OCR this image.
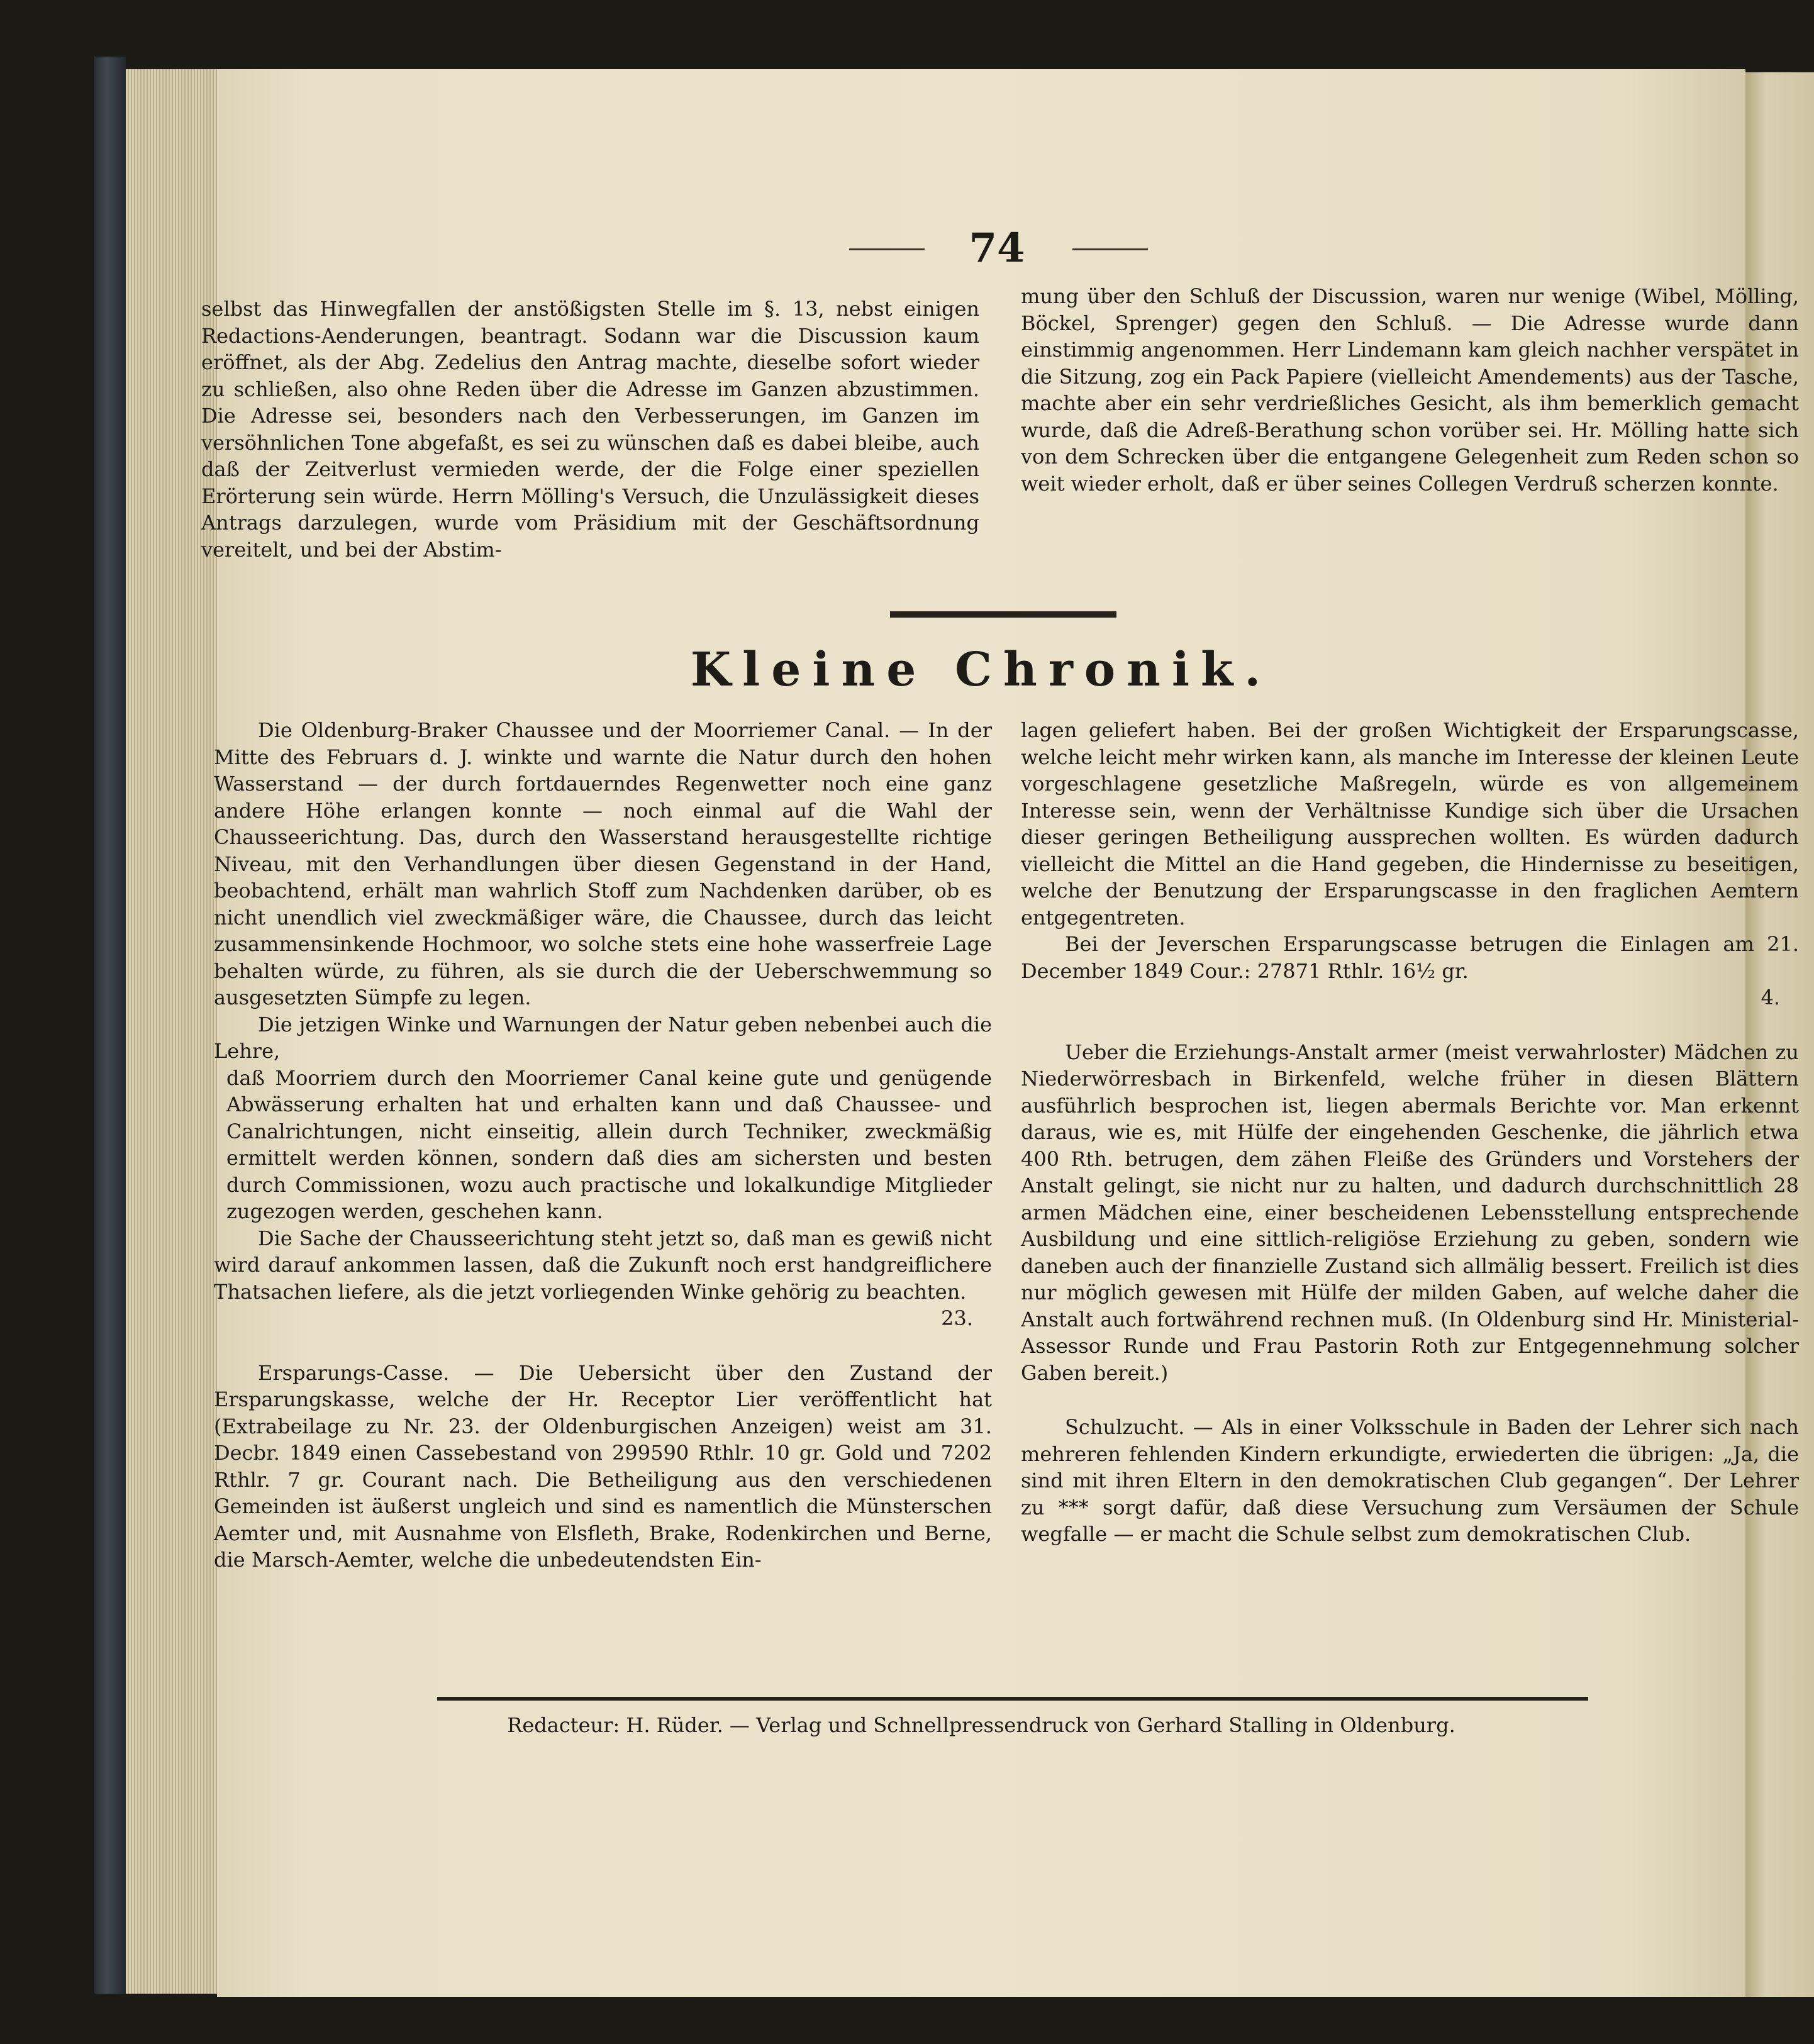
74

selbst das Hinwegfallen der anstößigsten Stelle im §. 13, nebst einigen Redactions-Aenderungen, beantragt. Sodann war die Discussion kaum eröffnet, als der Abg. Zedelius den Antrag machte, dieselbe sofort wieder zu schließen, also ohne Reden über die Adresse im Ganzen abzustimmen. Die Adresse sei, besonders nach den Verbesserungen, im Ganzen im versöhnlichen Tone abgefaßt, es sei zu wünschen daß es dabei bleibe, auch daß der Zeitverlust vermieden werde, der die Folge einer speziellen Erörterung sein würde. Herrn Mölling's Versuch, die Unzulässigkeit dieses Antrags darzulegen, wurde vom Präsidium mit der Geschäftsordnung vereitelt, und bei der Abstim-

mung über den Schluß der Discussion, waren nur wenige (Wibel, Mölling, Böckel, Sprenger) gegen den Schluß. — Die Adresse wurde dann einstimmig angenommen. Herr Lindemann kam gleich nachher verspätet in die Sitzung, zog ein Pack Papiere (vielleicht Amendements) aus der Tasche, machte aber ein sehr verdrießliches Gesicht, als ihm bemerklich gemacht wurde, daß die Adreß-Berathung schon vorüber sei. Hr. Mölling hatte sich von dem Schrecken über die entgangene Gelegenheit zum Reden schon so weit wieder erholt, daß er über seines Collegen Verdruß scherzen konnte.

Kleine Chronik.

Die Oldenburg-Braker Chaussee und der Moorriemer Canal. — In der Mitte des Februars d. J. winkte und warnte die Natur durch den hohen Wasserstand — der durch fortdauerndes Regenwetter noch eine ganz andere Höhe erlangen konnte — noch einmal auf die Wahl der Chausseerichtung. Das, durch den Wasserstand herausgestellte richtige Niveau, mit den Verhandlungen über diesen Gegenstand in der Hand, beobachtend, erhält man wahrlich Stoff zum Nachdenken darüber, ob es nicht unendlich viel zweckmäßiger wäre, die Chaussee, durch das leicht zusammensinkende Hochmoor, wo solche stets eine hohe wasserfreie Lage behalten würde, zu führen, als sie durch die der Ueberschwemmung so ausgesetzten Sümpfe zu legen.

Die jetzigen Winke und Warnungen der Natur geben nebenbei auch die Lehre,

daß Moorriem durch den Moorriemer Canal keine gute und genügende Abwässerung erhalten hat und erhalten kann und daß Chaussee- und Canalrichtungen, nicht einseitig, allein durch Techniker, zweckmäßig ermittelt werden können, sondern daß dies am sichersten und besten durch Commissionen, wozu auch practische und lokalkundige Mitglieder zugezogen werden, geschehen kann.

Die Sache der Chausseerichtung steht jetzt so, daß man es gewiß nicht wird darauf ankommen lassen, daß die Zukunft noch erst handgreiflichere Thatsachen liefere, als die jetzt vorliegenden Winke gehörig zu beachten.

23.

Ersparungs-Casse. — Die Uebersicht über den Zustand der Ersparungskasse, welche der Hr. Receptor Lier veröffentlicht hat (Extrabeilage zu Nr. 23. der Oldenburgischen Anzeigen) weist am 31. Decbr. 1849 einen Cassebestand von 299590 Rthlr. 10 gr. Gold und 7202 Rthlr. 7 gr. Courant nach. Die Betheiligung aus den verschiedenen Gemeinden ist äußerst ungleich und sind es namentlich die Münsterschen Aemter und, mit Ausnahme von Elsfleth, Brake, Rodenkirchen und Berne, die Marsch-Aemter, welche die unbedeutendsten Ein-

lagen geliefert haben. Bei der großen Wichtigkeit der Ersparungscasse, welche leicht mehr wirken kann, als manche im Interesse der kleinen Leute vorgeschlagene gesetzliche Maßregeln, würde es von allgemeinem Interesse sein, wenn der Verhältnisse Kundige sich über die Ursachen dieser geringen Betheiligung aussprechen wollten. Es würden dadurch vielleicht die Mittel an die Hand gegeben, die Hindernisse zu beseitigen, welche der Benutzung der Ersparungscasse in den fraglichen Aemtern entgegentreten.

Bei der Jeverschen Ersparungscasse betrugen die Einlagen am 21. December 1849 Cour.: 27871 Rthlr. 16½ gr.

4.

Ueber die Erziehungs-Anstalt armer (meist verwahrloster) Mädchen zu Niederwörresbach in Birkenfeld, welche früher in diesen Blättern ausführlich besprochen ist, liegen abermals Berichte vor. Man erkennt daraus, wie es, mit Hülfe der eingehenden Geschenke, die jährlich etwa 400 Rth. betrugen, dem zähen Fleiße des Gründers und Vorstehers der Anstalt gelingt, sie nicht nur zu halten, und dadurch durchschnittlich 28 armen Mädchen eine, einer bescheidenen Lebensstellung entsprechende Ausbildung und eine sittlich-religiöse Erziehung zu geben, sondern wie daneben auch der finanzielle Zustand sich allmälig bessert. Freilich ist dies nur möglich gewesen mit Hülfe der milden Gaben, auf welche daher die Anstalt auch fortwährend rechnen muß. (In Oldenburg sind Hr. Ministerial-Assessor Runde und Frau Pastorin Roth zur Entgegennehmung solcher Gaben bereit.)

Schulzucht. — Als in einer Volksschule in Baden der Lehrer sich nach mehreren fehlenden Kindern erkundigte, erwiederten die übrigen: „Ja, die sind mit ihren Eltern in den demokratischen Club gegangen“. Der Lehrer zu *** sorgt dafür, daß diese Versuchung zum Versäumen der Schule wegfalle — er macht die Schule selbst zum demokratischen Club.

Redacteur: H. Rüder. — Verlag und Schnellpressendruck von Gerhard Stalling in Oldenburg.
